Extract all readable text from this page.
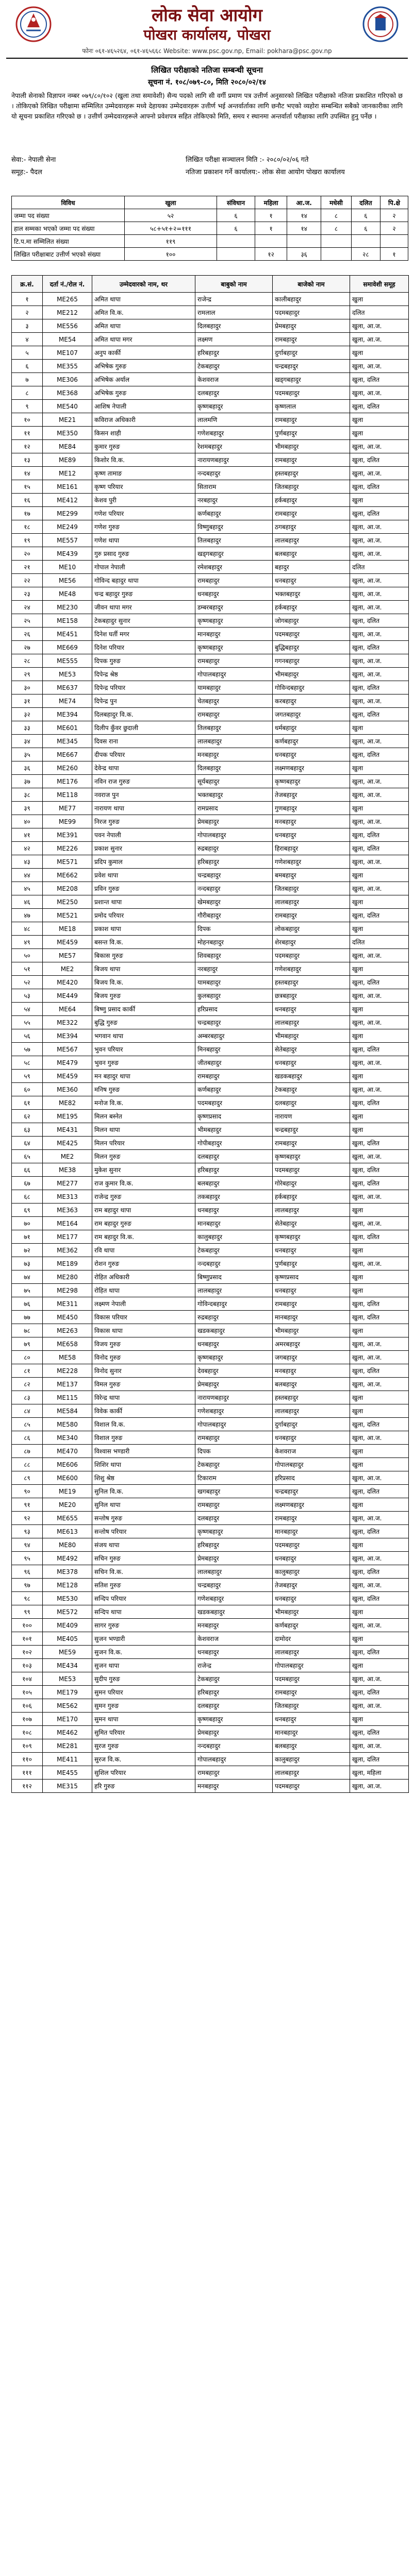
लोक सेवा आयोग
पोखरा कार्यालय, पोखरा
फोनः ०६१-४६५२६४, ०६१-४६५६६८ Website: www.psc.gov.np, Email: pokhara@psc.gov.np
लिखित परीक्षाको नतिजा सम्बन्धी सूचना
सूचना नं. १०८/०७९-८०, मिति २०८०/०२/१४
नेपाली सेनाको विज्ञापन नम्बर ०७९/८०/१०२ (खुला तथा समावेशी) सैन्य पदको लागि सी वर्गी प्रमाण पत्र उत्तीर्ण अनुसारको लिखित परीक्षाको नतिजा प्रकाशित गरिएको छ । तोकिएको लिखित परीक्षामा सम्मिलित उम्मेदवारहरू मध्ये देहायका उम्मेदवारहरू उत्तीर्ण भई अन्तर्वार्ताका लागि छनौट भएको व्यहोरा सम्बन्धित सबैको जानकारीका लागि यो सूचना प्रकाशित गरिएको छ । उत्तीर्ण उम्मेदवारहरूले आफ्नो प्रवेशपत्र सहित तोकिएको मिति, समय र स्थानमा अन्तर्वार्ता परीक्षाका लागि उपस्थित हुनु पर्नेछ ।
सेवा:- नेपाली सेना
समूह:- पैदल
लिखित परीक्षा सञ्चालन मिति :- २०८०/०२/०६ गते
नतिजा प्रकाशन गर्ने कार्यालय:- लोक सेवा आयोग पोखरा कार्यालय
विविध	खुला	संविधान	महिला	आ.ज.	मधेसी	दलित	पि.क्षे
जम्मा पद संख्या	५२	६	१	१४	८	६	२
हाल सम्मका भएको जम्मा पद संख्या	५८+५१+२=१११	६	१	१४	८	६	२
टि.प.मा सम्मिलित संख्या	११९						
लिखित परीक्षाबाट उत्तीर्ण भएको संख्या	१००		१२	३६		२८	१
क्र.सं.	दर्ता नं./रोल नं.	उम्मेदवारको नाम, थर	बाबुको नाम	बाजेको नाम	समावेशी समूह
१	ME265	अमित थापा	राजेन्द्र	कालीबहादुर	खुला
२	ME212	अमित वि.क.	रामलाल	पदमबहादुर	दलित
३	ME556	अमित थापा	दिलबहादुर	प्रेमबहादुर	खुला, आ.ज.
४	ME54	अमित थापा मगर	लक्ष्मण	रामबहादुर	खुला, आ.ज.
५	ME107	अनुप कार्की	हरिबहादुर	दुर्गाबहादुर	खुला
६	ME355	अभिषेक गुरुङ	टेकबहादुर	चन्द्रबहादुर	खुला, आ.ज.
७	ME306	अभिषेक अर्याल	केशवराज	खड्गबहादुर	खुला, दलित
८	ME368	अभिषेक गुरुङ	दलबहादुर	पदमबहादुर	खुला, आ.ज.
९	ME540	आशिष नेपाली	कृष्णबहादुर	कृष्णलाल	खुला, दलित
१०	ME21	कविराज अधिकारी	लालमणि	रामबहादुर	खुला
११	ME350	किसन शाही	गणेशबहादुर	पुर्णबहादुर	खुला
१२	ME84	कुमार गुरुङ	रेशमबहादुर	भीमबहादुर	खुला, आ.ज.
१३	ME89	किशोर वि.क.	नारायणबहादुर	रामबहादुर	खुला, दलित
१४	ME12	कृष्ण तामाङ	नन्दबहादुर	हस्तबहादुर	खुला, आ.ज.
१५	ME161	कृष्ण परियार	सिताराम	जितबहादुर	खुला, दलित
१६	ME412	केशव पुरी	नरबहादुर	हर्कबहादुर	खुला
१७	ME299	गणेश परियार	कर्णबहादुर	रामबहादुर	खुला, दलित
१८	ME249	गणेश गुरुङ	विष्णुबहादुर	ठगबहादुर	खुला, आ.ज.
१९	ME557	गणेश थापा	तिलबहादुर	लालबहादुर	खुला, आ.ज.
२०	ME439	गुरु प्रसाद गुरुङ	खड्गबहादुर	बलबहादुर	खुला, आ.ज.
२१	ME10	गोपाल नेपाली	रमेशबहादुर	बहादुर	दलित
२२	ME56	गोविन्द बहादुर थापा	रामबहादुर	धनबहादुर	खुला, आ.ज.
२३	ME48	चन्द्र बहादुर गुरुङ	धनबहादुर	भक्तबहादुर	खुला, आ.ज.
२४	ME230	जीवन थापा मगर	डम्बरबहादुर	हर्कबहादुर	खुला, आ.ज.
२५	ME158	टेकबहादुर सुनार	कृष्णबहादुर	जोगबहादुर	खुला, दलित
२६	ME451	दिनेश घर्ती मगर	मानबहादुर	पदमबहादुर	खुला, आ.ज.
२७	ME669	दिनेश परियार	कृष्णबहादुर	बुद्धिबहादुर	खुला, दलित
२८	ME555	दिपक गुरुङ	रामबहादुर	गगनबहादुर	खुला, आ.ज.
२९	ME53	दिपेन्द्र श्रेष्ठ	गोपालबहादुर	भीमबहादुर	खुला, आ.ज.
३०	ME637	दिपेन्द्र परियार	यामबहादुर	गोविन्दबहादुर	खुला, दलित
३१	ME74	दिपेन्द्र पुन	चेतबहादुर	करबहादुर	खुला, आ.ज.
३२	ME394	दिलबहादुर वि.क.	रामबहादुर	जगतबहादुर	खुला, दलित
३३	ME601	दिलीप कुँवर छुदाली	तिलबहादुर	धर्मबहादुर	खुला
३४	ME345	दिवस राना	लालबहादुर	कर्णबहादुर	खुला, आ.ज.
३५	ME667	दीपक परियार	मनबहादुर	धनबहादुर	खुला, दलित
३६	ME260	देवेन्द्र थापा	दिलबहादुर	लक्ष्मणबहादुर	खुला
३७	ME176	नविन राज गुरुङ	सूर्यबहादुर	कृष्णबहादुर	खुला, आ.ज.
३८	ME118	नवराज पुन	भक्तबहादुर	तेजबहादुर	खुला, आ.ज.
३९	ME77	नारायण थापा	रामप्रसाद	गुणबहादुर	खुला
४०	ME99	निरज गुरुङ	प्रेमबहादुर	मनबहादुर	खुला, आ.ज.
४१	ME391	पवन नेपाली	गोपालबहादुर	धनबहादुर	खुला, दलित
४२	ME226	प्रकाश सुनार	रुद्रबहादुर	हिराबहादुर	खुला, दलित
४३	ME571	प्रदिप कुमाल	हरिबहादुर	गणेशबहादुर	खुला, आ.ज.
४४	ME662	प्रवेश थापा	चन्द्रबहादुर	बमबहादुर	खुला
४५	ME208	प्रविन गुरुङ	नन्दबहादुर	जितबहादुर	खुला, आ.ज.
४६	ME250	प्रशान्त थापा	खेमबहादुर	लालबहादुर	खुला
४७	ME521	प्रमोद परियार	गौरीबहादुर	रामबहादुर	खुला, दलित
४८	ME18	प्रकाश थापा	दिपक	लोकबहादुर	खुला
४९	ME459	बसन्त वि.क.	मोहनबहादुर	शेरबहादुर	दलित
५०	ME57	बिकास गुरुङ	शिवबहादुर	पदमबहादुर	खुला, आ.ज.
५१	ME2	बिजय थापा	नरबहादुर	गणेशबहादुर	खुला
५२	ME420	बिजय वि.क.	यामबहादुर	हस्तबहादुर	खुला, दलित
५३	ME449	बिजय गुरुङ	कुलबहादुर	छत्रबहादुर	खुला, आ.ज.
५४	ME64	बिष्णु प्रसाद कार्की	हरिप्रसाद	धनबहादुर	खुला
५५	ME322	बुद्धि गुरुङ	चन्द्रबहादुर	लालबहादुर	खुला, आ.ज.
५६	ME394	भगवान थापा	अम्बरबहादुर	भीमबहादुर	खुला
५७	ME567	भुवन परियार	मिनबहादुर	सेतेबहादुर	खुला, दलित
५८	ME479	भुवन गुरुङ	जीतबहादुर	धनबहादुर	खुला, आ.ज.
५९	ME459	मन बहादुर थापा	रामबहादुर	खडकबहादुर	खुला
६०	ME360	मनिष गुरुङ	कर्णबहादुर	टेकबहादुर	खुला, आ.ज.
६१	ME82	मनोज वि.क.	पदमबहादुर	दलबहादुर	खुला, दलित
६२	ME195	मिलन बस्नेत	कृष्णप्रसाद	नारायण	खुला
६३	ME431	मिलन थापा	भीमबहादुर	चन्द्रबहादुर	खुला
६४	ME425	मिलन परियार	गोपीबहादुर	रामबहादुर	खुला, दलित
६५	ME2	मिलन गुरुङ	दलबहादुर	कृष्णबहादुर	खुला, आ.ज.
६६	ME38	मुकेश सुनार	हरिबहादुर	पदमबहादुर	खुला, दलित
६७	ME277	राज कुमार वि.क.	बलबहादुर	गोरेबहादुर	खुला, दलित
६८	ME313	राजेन्द्र गुरुङ	तकबहादुर	हर्कबहादुर	खुला, आ.ज.
६९	ME363	राम बहादुर थापा	धनबहादुर	लालबहादुर	खुला
७०	ME164	राम बहादुर गुरुङ	मानबहादुर	सेतेबहादुर	खुला, आ.ज.
७१	ME177	राम बहादुर वि.क.	कालुबहादुर	कृष्णबहादुर	खुला, दलित
७२	ME362	रवि थापा	टेकबहादुर	धनबहादुर	खुला
७३	ME189	रोशन गुरुङ	नन्दबहादुर	पुर्णबहादुर	खुला, आ.ज.
७४	ME280	रोहित अधिकारी	बिष्णुप्रसाद	कृष्णप्रसाद	खुला
७५	ME298	रोहित थापा	लालबहादुर	धनबहादुर	खुला
७६	ME311	लक्ष्मण नेपाली	गोविन्दबहादुर	रामबहादुर	खुला, दलित
७७	ME450	विकास परियार	रुद्रबहादुर	मानबहादुर	खुला, दलित
७८	ME263	विकास थापा	खडकबहादुर	भीमबहादुर	खुला
७९	ME658	विजय गुरुङ	धनबहादुर	अमरबहादुर	खुला, आ.ज.
८०	ME58	विनोद गुरुङ	कृष्णबहादुर	जगबहादुर	खुला, आ.ज.
८१	ME228	विनोद सुनार	देवबहादुर	मनबहादुर	खुला, दलित
८२	ME137	विमल गुरुङ	प्रेमबहादुर	बलबहादुर	खुला, आ.ज.
८३	ME115	विरेन्द्र थापा	नारायणबहादुर	हस्तबहादुर	खुला
८४	ME584	विवेक कार्की	गणेशबहादुर	लालबहादुर	खुला
८५	ME580	विशाल वि.क.	गोपालबहादुर	दुर्गाबहादुर	खुला, दलित
८६	ME340	विशाल गुरुङ	रामबहादुर	धनबहादुर	खुला, आ.ज.
८७	ME470	विश्वास भण्डारी	दिपक	केशवराज	खुला
८८	ME606	शिशिर थापा	टेकबहादुर	गोपालबहादुर	खुला
८९	ME600	शिशु श्रेष्ठ	टिकाराम	हरिप्रसाद	खुला, आ.ज.
९०	ME19	सुनिल वि.क.	खगबहादुर	चन्द्रबहादुर	खुला, दलित
९१	ME20	सुनिल थापा	रामबहादुर	लक्ष्मणबहादुर	खुला
९२	ME655	सन्तोष गुरुङ	दलबहादुर	रामबहादुर	खुला, आ.ज.
९३	ME613	सन्तोष परियार	कृष्णबहादुर	मानबहादुर	खुला, दलित
९४	ME80	संजय थापा	हरिबहादुर	पदमबहादुर	खुला
९५	ME492	सचिन गुरुङ	प्रेमबहादुर	धनबहादुर	खुला, आ.ज.
९६	ME378	सचिन वि.क.	लालबहादुर	कालुबहादुर	खुला, दलित
९७	ME128	सतिश गुरुङ	चन्द्रबहादुर	तेजबहादुर	खुला, आ.ज.
९८	ME530	सन्दिप परियार	गणेशबहादुर	धनबहादुर	खुला, दलित
९९	ME572	सन्दिप थापा	खडकबहादुर	भीमबहादुर	खुला
१००	ME409	सागर गुरुङ	मनबहादुर	कर्णबहादुर	खुला, आ.ज.
१०१	ME405	सुजन भण्डारी	केशवराज	दामोदर	खुला
१०२	ME59	सुजन वि.क.	धनबहादुर	लालबहादुर	खुला, दलित
१०३	ME434	सुजन थापा	राजेन्द्र	गोपालबहादुर	खुला
१०४	ME53	सुदीप गुरुङ	टेकबहादुर	पदमबहादुर	खुला, आ.ज.
१०५	ME179	सुमन परियार	हरिबहादुर	रामबहादुर	खुला, दलित
१०६	ME562	सुमन गुरुङ	दलबहादुर	जितबहादुर	खुला, आ.ज.
१०७	ME170	सुमन थापा	कृष्णबहादुर	धनबहादुर	खुला
१०८	ME462	सुमित परियार	प्रेमबहादुर	मानबहादुर	खुला, दलित
१०९	ME281	सुरज गुरुङ	नन्दबहादुर	बलबहादुर	खुला, आ.ज.
११०	ME411	सुरज वि.क.	गोपालबहादुर	कालुबहादुर	खुला, दलित
१११	ME455	सुशिल परियार	रामबहादुर	लालबहादुर	खुला, महिला
११२	ME315	हरि गुरुङ	मनबहादुर	पदमबहादुर	खुला, आ.ज.
